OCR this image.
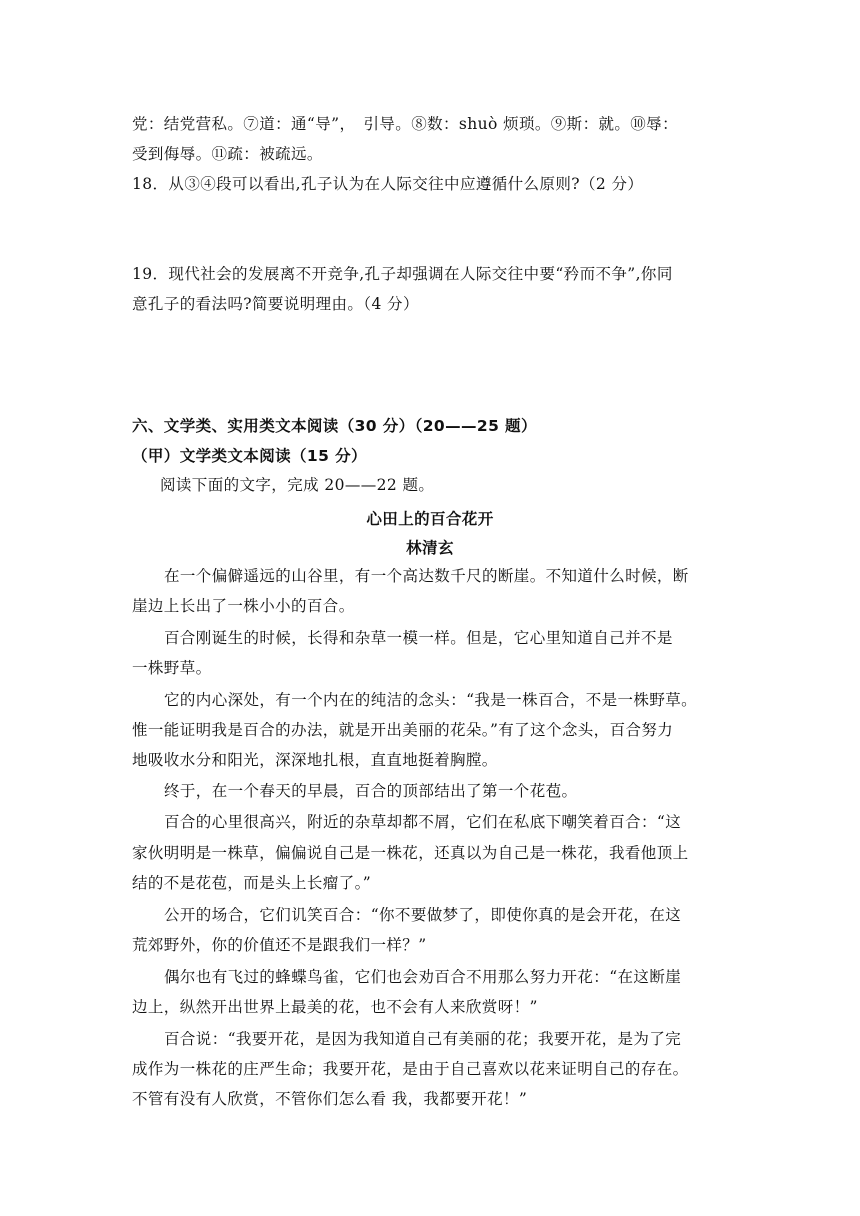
党：结党营私。⑦道：通“导”，　引导。⑧数：shuò 烦琐。⑨斯：就。⑩辱：
受到侮辱。⑪疏：被疏远。
18．从③④段可以看出,孔子认为在人际交往中应遵循什么原则?（2 分）
19．现代社会的发展离不开竞争,孔子却强调在人际交往中要“矜而不争”,你同
意孔子的看法吗?简要说明理由。（4 分）
六、文学类、实用类文本阅读（30 分）（20——25 题）
（甲）文学类文本阅读（15 分）
阅读下面的文字，完成 20——22 题。
心田上的百合花开
林清玄
在一个偏僻遥远的山谷里，有一个高达数千尺的断崖。不知道什么时候，断
崖边上长出了一株小小的百合。
百合刚诞生的时候，长得和杂草一模一样。但是，它心里知道自己并不是
一株野草。
它的内心深处，有一个内在的纯洁的念头：“我是一株百合，不是一株野草。
惟一能证明我是百合的办法，就是开出美丽的花朵。”有了这个念头，百合努力
地吸收水分和阳光，深深地扎根，直直地挺着胸膛。
终于，在一个春天的早晨，百合的顶部结出了第一个花苞。
百合的心里很高兴，附近的杂草却都不屑，它们在私底下嘲笑着百合：“这
家伙明明是一株草，偏偏说自己是一株花，还真以为自己是一株花，我看他顶上
结的不是花苞，而是头上长瘤了。”
公开的场合，它们讥笑百合：“你不要做梦了，即使你真的是会开花，在这
荒郊野外，你的价值还不是跟我们一样？”
偶尔也有飞过的蜂蝶鸟雀，它们也会劝百合不用那么努力开花：“在这断崖
边上，纵然开出世界上最美的花，也不会有人来欣赏呀！”
百合说：“我要开花，是因为我知道自己有美丽的花；我要开花，是为了完
成作为一株花的庄严生命；我要开花，是由于自己喜欢以花来证明自己的存在。
不管有没有人欣赏，不管你们怎么看 我，我都要开花！”
